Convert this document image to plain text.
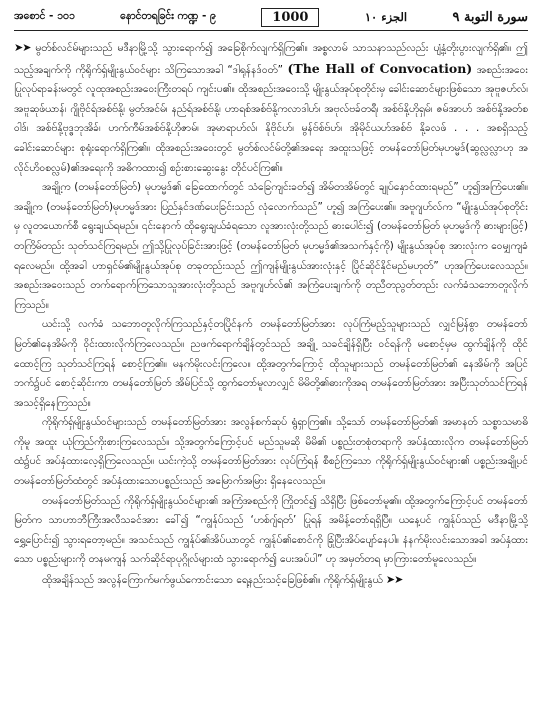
အစောင် - ၁၀၁	နောင်တရခြင်း ကဏ္ဍ - ၉	1000	الجزء ١٠	سورة التوبة ٩

➤➤ မွတ်စ်လင်မ်များသည် မဒီနာမြို့သို့ သွားရောက်၍ အခြေစိုက်လျက်ရှိကြ၏။ အစ္စလာမ် သာသနာသည်လည်း ပျံ့နှံ့တိုးပွားလျက်ရှိ၏။ ဤသည့်အချက်ကို ကိုရိုက်ရှ်မျိုးနွယ်ဝင်များ သိကြသောအခါ “ဒါရုန်နဒ်ဝတ်” (The Hall of Convocation) အစည်းအဝေးပြုလုပ်ရာခန်းမတွင် လူထုအစည်းအဝေးကြီးတရပ် ကျင်းပ၏။ ထိုအစည်းအဝေးသို့ မျိုးနွယ်အုပ်စုတိုင်းမှ ခေါင်းဆောင်များဖြစ်သော အုဗူဇဟ်လ်၊ အဗူဆုဖ်ယာန်၊ ဂျိုဗိုင်ရ်အစ်ဗ်နို့၊ မွတ်အင်မ်၊ နည်ရ်အစ်ဗ်နို့၊ ဟာရစ်အစ်ဗ်နို့ကလာဒါဟ်၊ အဗုလ်ဗခ်တရီ၊ အစ်ဗ်နို့ဟိုရှမ်၊ ဇမ်အာဟ် အစ်ဗ်နို့အတ်စဝါဒ်၊ အစ်ဗ်နို့ဗုဒ္ဓဘုအိခ်၊ ဟက်ကီမ်အစ်ဗ်နို့ဟိုဇာမ်၊ အုမာရာဟ်လ်၊ နိုဗိုင်ဟ်၊ မွန်ဗ်စ်ဗ်ဟ်၊ အိုမိုင်ယဟ်အစ်ဗ် နို့ခလဖ် . . . အစရှိသည့် ခေါင်းဆောင်များ စုရုံးရောက်ရှိကြ၏။ ထိုအစည်းအဝေးတွင် မွတ်စ်လင်မ်တို့၏အရေး အထူးသဖြင့် တမန်တော်မြတ်မုဟမ္မဒ်(ဆွလ္လလ္လာဟု အလိုင်ဟိဝစလ္လမ်)၏အရေးကို အဓိကထား၍ စဉ်းစားဆွေးနွေး တိုင်ပင်ကြ၏။

အချို့က (တမန်တော်မြတ်) မုဟမ္မဒ်၏ ခြေထောက်တွင် သံခြေကျင်းခတ်၍ အိမ်တအိမ်တွင် ချုပ်နှောင်ထားရမည်” ဟူ၍အကြံပေး၏။ အချို့က (တမန်တော်မြတ်)မုဟမ္မဒ်အား ပြည်နှင်ဒဏ်ပေးခြင်းသည် လုံလောက်သည်” ဟူ၍ အကြံပေး၏။ အဗူဂျဟ်လ်က “မျိုးနွယ်အုပ်စုတိုင်းမှ လူတယောက်စီ ရွေးချယ်ရမည်။ ၎င်းနောက် ထိုရွေးချယ်ခံရသော လူအားလုံးတို့သည် ဓားပေါင်း၍ (တမန်တော်မြတ် မုဟမ္မဒ်ကို ဓားများဖြင့်) တကြိမ်တည်း သုတ်သင်ကြရမည်၊ ဤသို့ပြုလုပ်ခြင်းအားဖြင့် (တမန်တော်မြတ် မုဟမ္မဒ်၏အသက်နှင့်ကို) မျိုးနွယ်အုပ်စု အားလုံးက ဝေမျှကျခံရလေမည်။ ထို့အခါ ဟာရှင်မ်၏မျိုးနွယ်အုပ်စု တခုတည်းသည် ဤကျန်မျိုးနွယ်အားလုံးနှင့် ပြိုင်ဆိုင်နိုင်မည်မဟုတ်” ဟုအကြံပေးလေသည်။ အစည်းအဝေးသည် တက်ရောက်ကြသောသူအားလုံးတို့သည် အဗူဂျဟ်လ်၏ အကြံပေးချက်ကို တညီတညွတ်တည်း လက်ခံသဘောတူလိုက်ကြသည်။

ယင်းသို့ လက်ခံ သဘောတူလိုက်ကြသည်နှင့်တပြိုင်နက် တမန်တော်မြတ်အား လုပ်ကြံမည့်သူများသည် လျှင်မြန်စွာ တမန်တော်မြတ်၏နေအိမ်ကို ဝိုင်းထားလိုက်ကြလေသည်။ ညဖက်ရောက်ချိန်တွင်သည် အချို့ သခင်ချိန်ရှိပြီး ဝင်ရန်ကို မစောင့်မှမ ထွက်ချိန်ကို ထိုင်ထောင့်ကြ သုတ်သင်ကြရန် စောင့်ကြ၏။ မနက်မိုးလင်းကြလေ။ ထို့အတွက်ကြောင့် ထိုသူများသည် တမန်တော်မြတ်၏ နေအိမ်ကို အပြင်ဘက်၌ပင် စောင့်ဆိုင်းကာ တမန်တော်မြတ် အိမ်ပြင်သို့ ထွက်တော်မူလာလျှင် မိမိတို့၏ဓားကိုအရ တမန်တော်မြတ်အား အပြီးသုတ်သင်ကြရန် အသင့်ရှိနေကြသည်။

ကိုရိုက်ရှ်မျိုးနွယ်ဝင်များသည် တမန်တော်မြတ်အား အလွန်စက်ဆုပ် ရွံရှာကြ၏။ သို့သော် တမန်တော်မြတ်၏ အမာနတ် သစ္စာသမာဓိကိုမူ အထူး ယုံကြည်ကိုးစားကြလေသည်။ သို့အတွက်ကြောင့်ပင် မည်သူမဆို မိမိ၏ ပစ္စည်းတစုံတရာကို အပ်နှံထားလိုက တမန်တော်မြတ်ထံ၌ပင် အပ်နှံထားလေ့ရှိကြလေသည်။ ယင်းကဲ့သို့ တမန်တော်မြတ်အား လုပ်ကြံရန် စီစဉ်ကြသော ကိုရိုက်ရှ်မျိုးနွယ်ဝင်များ၏ ပစ္စည်းအချို့ပင် တမန်တော်မြတ်ထံတွင် အပ်နှံထားသောပစ္စည်းသည် အမြောက်အမြား ရှိနေလေသည်။

တမန်တော်မြတ်သည် ကိုရိုက်ရှ်မျိုးနွယ်ဝင်များ၏ အကြံအစည်ကို ကြိုတင်၍ သိရှိပြီး ဖြစ်တော်မူ၏။ ထို့အတွက်ကြောင့်ပင် တမန်တော်မြတ်က သာဟာဘီကြီးအလီသခင်အား ခေါ်၍ “ကျွန်ုပ်သည် ‘ဟစ်ဂျ်ရတ်’ ပြုရန် အမိန့်တော်ရရှိပြီ။ ယနေ့ပင် ကျွန်ုပ်သည် မဒီနာမြို့သို့ ရွှေ့ပြောင်း၍ သွားရတော့မည်။ အသင်သည် ကျွန်ုပ်၏အိပ်ယာတွင် ကျွန်ုပ်၏စောင်ကို ခြုံပြီးအိပ်ပျော်နေပါ။ နံနက်မိုးလင်းသောအခါ အပ်နှံထားသော ပစ္စည်းများကို တနမကျန် သက်ဆိုင်ရာပုဂ္ဂိုလ်များထံ သွားရောက်၍ ပေးအပ်ပါ” ဟု အမှတ်တရ မှာကြားတော်မူလေသည်။

ထိုအချိန်သည် အလွန်ကြောက်မက်ဖွယ်ကောင်းသော ရေ့နည်းသင့်ခြေဖြစ်၏။ ကိုရိုက်ရှ်မျိုးနွယ် ➤➤
